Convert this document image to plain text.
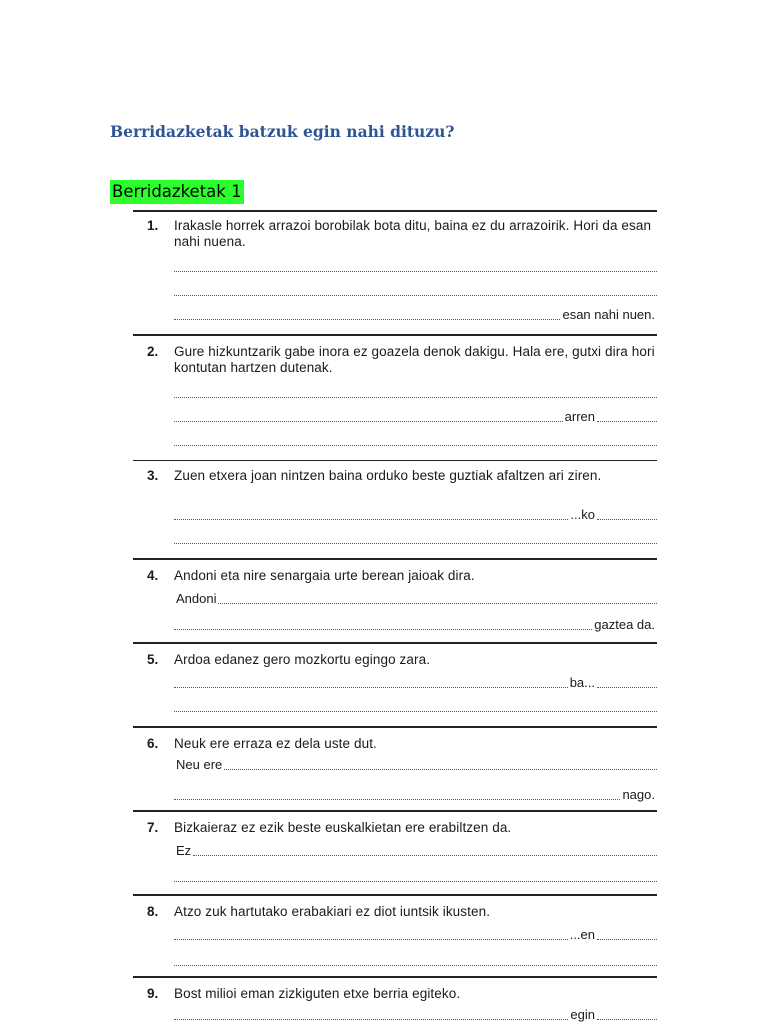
Berridazketak batzuk egin nahi dituzu?
Berridazketak 1
1. Irakasle horrek arrazoi borobilak bota ditu, baina ez du arrazoirik. Hori da esan nahi nuena.
esan nahi nuen.
2. Gure hizkuntzarik gabe inora ez goazela denok dakigu. Hala ere, gutxi dira hori kontutan hartzen dutenak.
arren
3. Zuen etxera joan nintzen baina orduko beste guztiak afaltzen ari ziren.
...ko
4. Andoni eta nire senargaia urte berean jaioak dira.
Andoni
gaztea da.
5. Ardoa edanez gero mozkortu egingo zara.
ba...
6. Neuk ere erraza ez dela uste dut.
Neu ere
nago.
7. Bizkaieraz ez ezik beste euskalkietan ere erabiltzen da.
Ez
8. Atzo zuk hartutako erabakiari ez diot iuntsik ikusten.
...en
9. Bost milioi eman zizkiguten etxe berria egiteko.
egin
